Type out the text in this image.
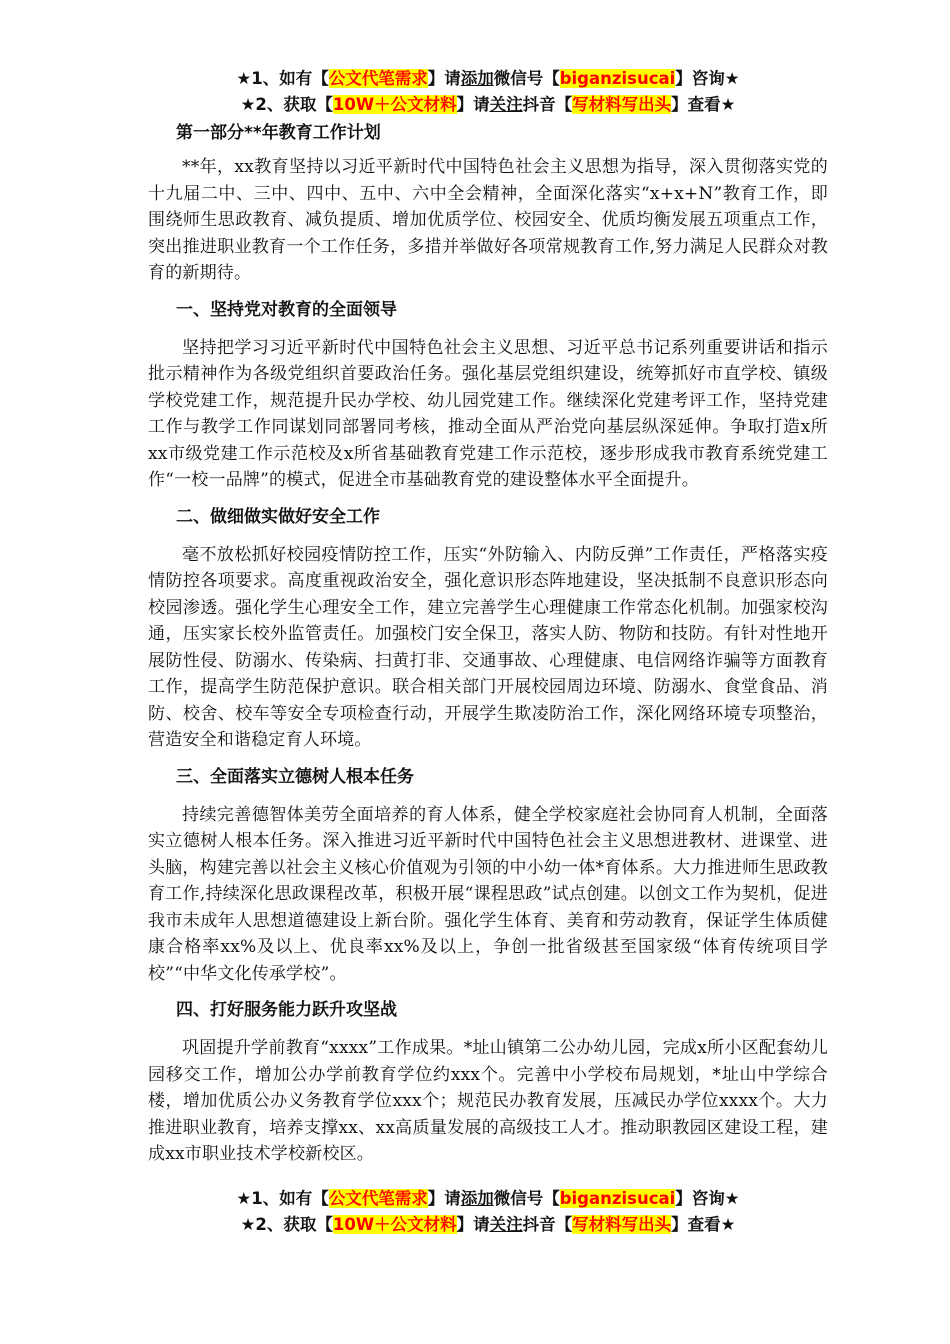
★1、如有【公文代笔需求】请添加微信号【biganzisucai】咨询★
★2、获取【10W＋公文材料】请关注抖音【写材料写出头】查看★
第一部分**年教育工作计划

**年，xx教育坚持以习近平新时代中国特色社会主义思想为指导，深入贯彻落实党的十九届二中、三中、四中、五中、六中全会精神，全面深化落实“x+x+N”教育工作，即围绕师生思政教育、减负提质、增加优质学位、校园安全、优质均衡发展五项重点工作，突出推进职业教育一个工作任务，多措并举做好各项常规教育工作,努力满足人民群众对教育的新期待。

一、坚持党对教育的全面领导

坚持把学习习近平新时代中国特色社会主义思想、习近平总书记系列重要讲话和指示批示精神作为各级党组织首要政治任务。强化基层党组织建设，统筹抓好市直学校、镇级学校党建工作，规范提升民办学校、幼儿园党建工作。继续深化党建考评工作，坚持党建工作与教学工作同谋划同部署同考核，推动全面从严治党向基层纵深延伸。争取打造x所xx市级党建工作示范校及x所省基础教育党建工作示范校，逐步形成我市教育系统党建工作“一校一品牌”的模式，促进全市基础教育党的建设整体水平全面提升。

二、做细做实做好安全工作

毫不放松抓好校园疫情防控工作，压实“外防输入、内防反弹”工作责任，严格落实疫情防控各项要求。高度重视政治安全，强化意识形态阵地建设，坚决抵制不良意识形态向校园渗透。强化学生心理安全工作，建立完善学生心理健康工作常态化机制。加强家校沟通，压实家长校外监管责任。加强校门安全保卫，落实人防、物防和技防。有针对性地开展防性侵、防溺水、传染病、扫黄打非、交通事故、心理健康、电信网络诈骗等方面教育工作，提高学生防范保护意识。联合相关部门开展校园周边环境、防溺水、食堂食品、消防、校舍、校车等安全专项检查行动，开展学生欺凌防治工作，深化网络环境专项整治，营造安全和谐稳定育人环境。

三、全面落实立德树人根本任务

持续完善德智体美劳全面培养的育人体系，健全学校家庭社会协同育人机制，全面落实立德树人根本任务。深入推进习近平新时代中国特色社会主义思想进教材、进课堂、进头脑，构建完善以社会主义核心价值观为引领的中小幼一体*育体系。大力推进师生思政教育工作,持续深化思政课程改革，积极开展“课程思政”试点创建。以创文工作为契机，促进我市未成年人思想道德建设上新台阶。强化学生体育、美育和劳动教育，保证学生体质健康合格率xx%及以上、优良率xx%及以上，争创一批省级甚至国家级“体育传统项目学校”“中华文化传承学校”。

四、打好服务能力跃升攻坚战

巩固提升学前教育“xxxx”工作成果。*址山镇第二公办幼儿园，完成x所小区配套幼儿园移交工作，增加公办学前教育学位约xxx个。完善中小学校布局规划，*址山中学综合楼，增加优质公办义务教育学位xxx个；规范民办教育发展，压减民办学位xxxx个。大力推进职业教育，培养支撑xx、xx高质量发展的高级技工人才。推动职教园区建设工程，建成xx市职业技术学校新校区。

★1、如有【公文代笔需求】请添加微信号【biganzisucai】咨询★
★2、获取【10W＋公文材料】请关注抖音【写材料写出头】查看★
